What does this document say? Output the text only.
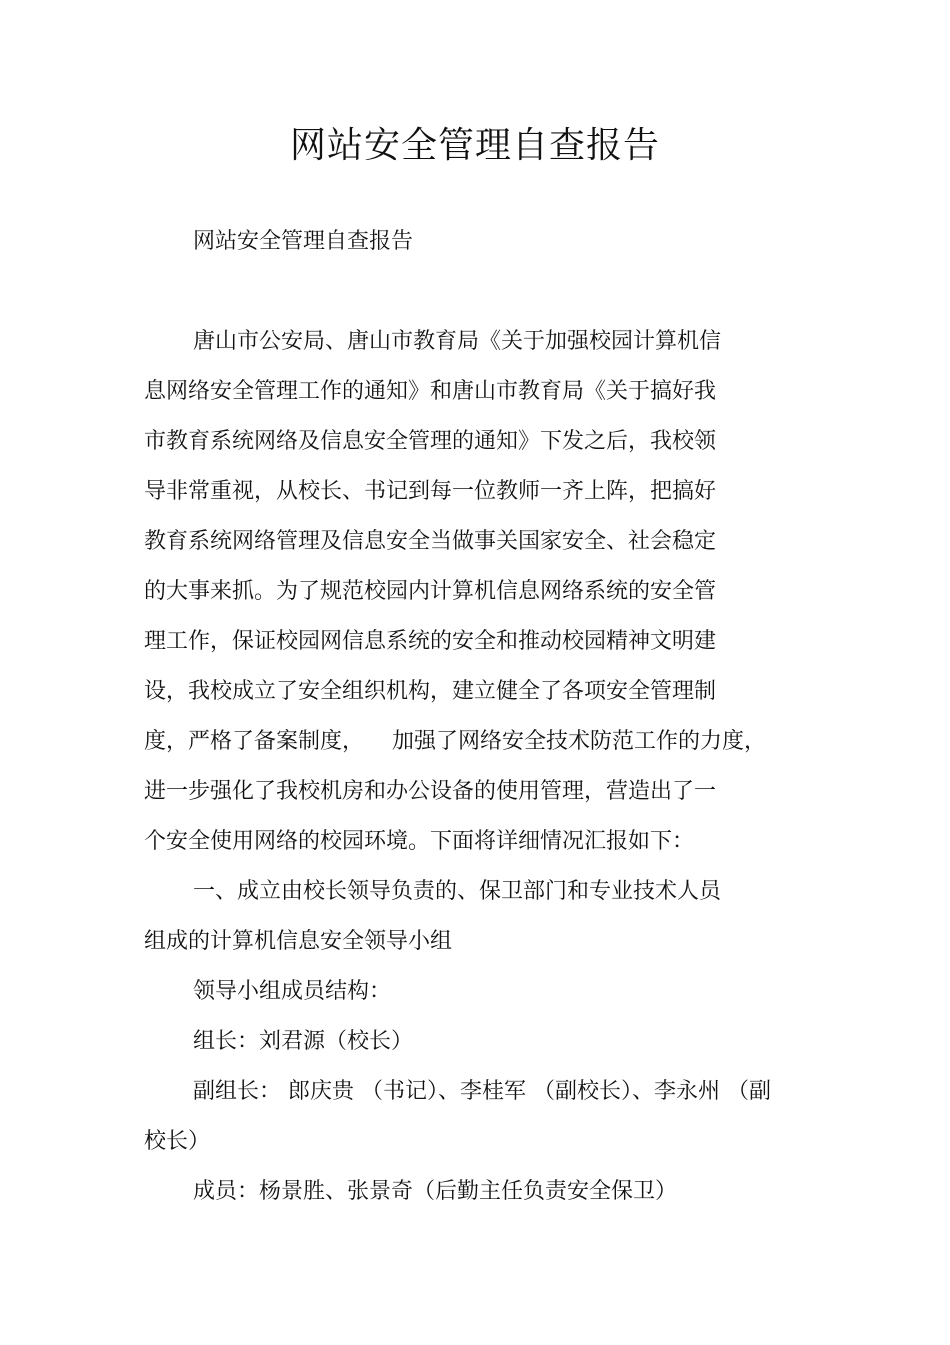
网站安全管理自查报告
网站安全管理自查报告
唐山市公安局、唐山市教育局《关于加强校园计算机信
息网络安全管理工作的通知》和唐山市教育局《关于搞好我
市教育系统网络及信息安全管理的通知》下发之后，我校领
导非常重视，从校长、书记到每一位教师一齐上阵，把搞好
教育系统网络管理及信息安全当做事关国家安全、社会稳定
的大事来抓。为了规范校园内计算机信息网络系统的安全管
理工作，保证校园网信息系统的安全和推动校园精神文明建
设，我校成立了安全组织机构，建立健全了各项安全管理制
度，严格了备案制度， 加强了网络安全技术防范工作的力度，
进一步强化了我校机房和办公设备的使用管理，营造出了一
个安全使用网络的校园环境。下面将详细情况汇报如下：
一、成立由校长领导负责的、保卫部门和专业技术人员
组成的计算机信息安全领导小组
领导小组成员结构：
组长：刘君源（校长）
副组长： 郎庆贵 （书记）、李桂军 （副校长）、李永州 （副
校长）
成员：杨景胜、张景奇（后勤主任负责安全保卫）
